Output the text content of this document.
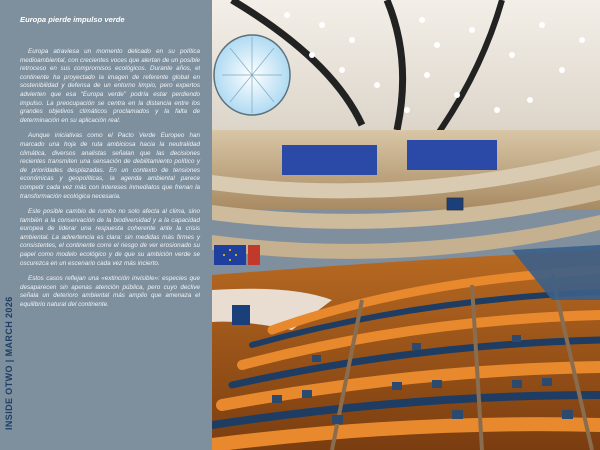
Europa pierde impulso verde

Europa atraviesa un momento delicado en su política medioambiental, con crecientes voces que alertan de un posible retroceso en sus compromisos ecológicos. Durante años, el continente ha proyectado la imagen de referente global en sostenibilidad y defensa de un entorno limpio, pero expertos advierten que esa “Europa verde” podría estar perdiendo impulso. La preocupación se centra en la distancia entre los grandes objetivos climáticos proclamados y la falta de determinación en su aplicación real.

Aunque iniciativas como el Pacto Verde Europeo han marcado una hoja de ruta ambiciosa hacia la neutralidad climática, diversos analistas señalan que las decisiones recientes transmiten una sensación de debilitamiento político y de prioridades desplazadas. En un contexto de tensiones económicas y geopolíticas, la agenda ambiental parece competir cada vez más con intereses inmediatos que frenan la transformación ecológica necesaria.

Este posible cambio de rumbo no solo afecta al clima, sino también a la conservación de la biodiversidad y a la capacidad europea de liderar una respuesta coherente ante la crisis ambiental. La advertencia es clara: sin medidas más firmes y consistentes, el continente corre el riesgo de ver erosionado su papel como modelo ecológico y de que su ambición verde se oscurezca en un escenario cada vez más incierto.

Estos casos reflejan una «extinción invisible»: especies que desaparecen sin apenas atención pública, pero cuyo declive señala un deterioro ambiental más amplio que amenaza el equilibrio natural del continente.

INSIDE OTWO | MARCH 2026
